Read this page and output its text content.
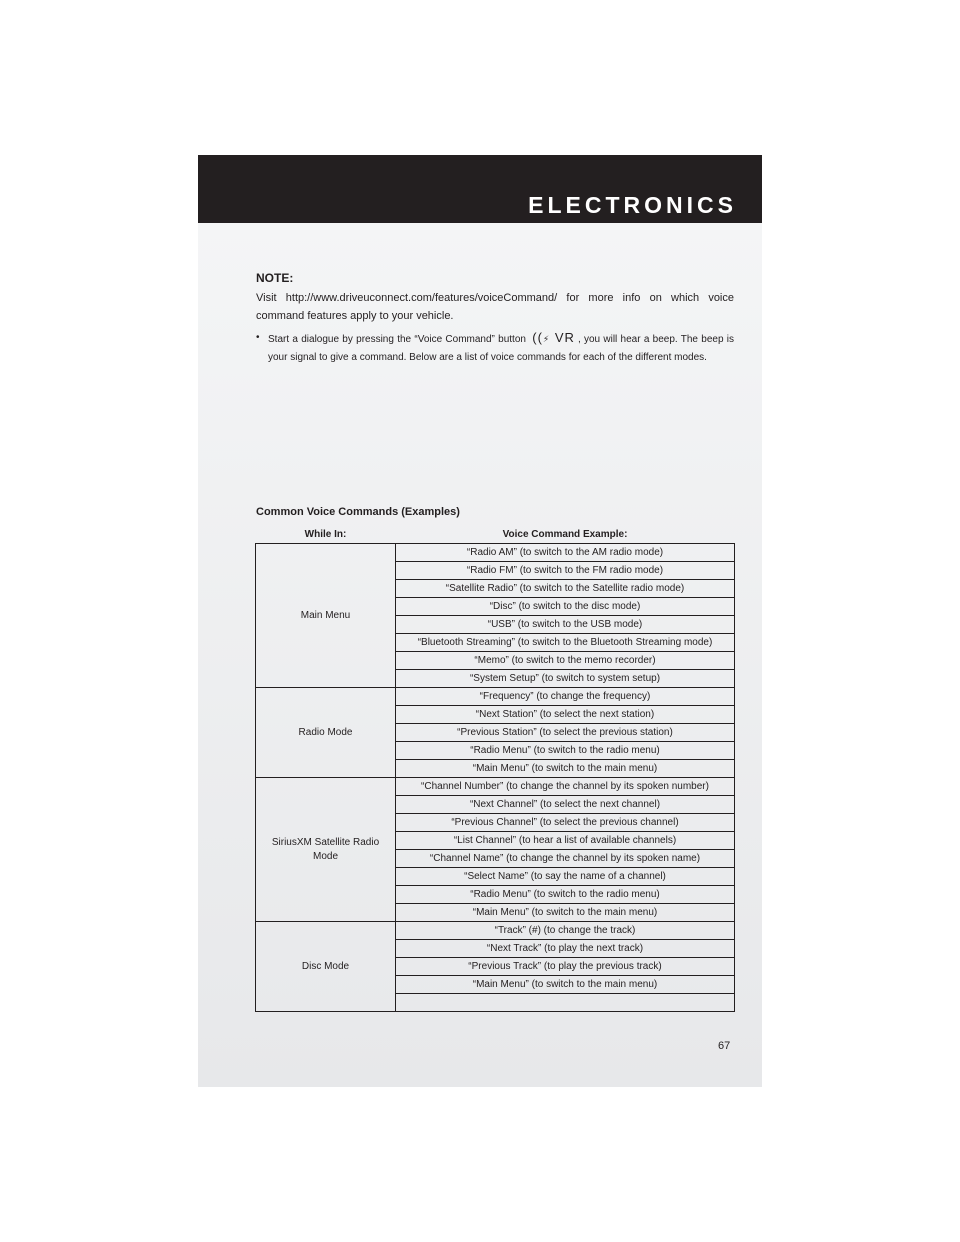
ELECTRONICS
NOTE:
Visit http://www.driveuconnect.com/features/voiceCommand/ for more info on which voice command features apply to your vehicle.
• Start a dialogue by pressing the “Voice Command” button ((⚡ VR , you will hear a beep. The beep is your signal to give a command. Below are a list of voice commands for each of the different modes.
Common Voice Commands (Examples)
While In:	Voice Command Example:
Main Menu	“Radio AM” (to switch to the AM radio mode)
	“Radio FM” (to switch to the FM radio mode)
	“Satellite Radio” (to switch to the Satellite radio mode)
	“Disc” (to switch to the disc mode)
	“USB” (to switch to the USB mode)
	“Bluetooth Streaming” (to switch to the Bluetooth Streaming mode)
	“Memo” (to switch to the memo recorder)
	“System Setup” (to switch to system setup)
Radio Mode	“Frequency” (to change the frequency)
	“Next Station” (to select the next station)
	“Previous Station” (to select the previous station)
	“Radio Menu” (to switch to the radio menu)
	“Main Menu” (to switch to the main menu)
SiriusXM Satellite Radio Mode	“Channel Number” (to change the channel by its spoken number)
	“Next Channel” (to select the next channel)
	“Previous Channel” (to select the previous channel)
	“List Channel” (to hear a list of available channels)
	“Channel Name” (to change the channel by its spoken name)
	“Select Name” (to say the name of a channel)
	“Radio Menu” (to switch to the radio menu)
	“Main Menu” (to switch to the main menu)
Disc Mode	“Track” (#) (to change the track)
	“Next Track” (to play the next track)
	“Previous Track” (to play the previous track)
	“Main Menu” (to switch to the main menu)

67
